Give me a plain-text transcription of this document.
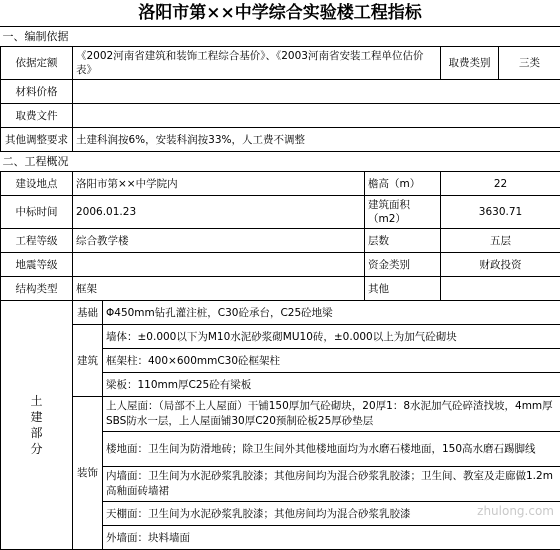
洛阳市第××中学综合实验楼工程指标
一、编制依据					
依据定额	《2002河南省建筑和装饰工程综合基价》、《2003河南省安装工程单位估价表》			取费类别	三类
材料价格					
取费文件					
其他调整要求	土建科润按6%，安装科润按33%，人工费不调整				
二、工程概况					
建设地点	洛阳市第××中学院内		檐高（m）	22	
中标时间	2006.01.23		建筑面积（m2）	3630.71	
工程等级	综合教学楼		层数	五层	
地震等级			资金类别	财政投资	
结构类型	框架		其他		

土
建
部
分	基础	Φ450mm钻孔灌注桩，C30砼承台，C25砼地梁			
	建筑	墙体：±0.000以下为M10水泥砂浆砌MU10砖，±0.000以上为加气砼砌块			
		框架柱：400×600mmC30砼框架柱			
		梁板：110mm厚C25砼有梁板			
	装饰	上人屋面：（局部不上人屋面）干铺150厚加气砼砌块，20厚1：8水泥加气砼碎渣找坡，4mm厚SBS防水一层，上人屋面铺30厚C20预制砼板25厚砂垫层			
		楼地面：卫生间为防滑地砖；除卫生间外其他楼地面均为水磨石楼地面，150高水磨石踢脚线			
		内墙面：卫生间为水泥砂浆乳胶漆；其他房间均为混合砂浆乳胶漆；卫生间、教室及走廊做1.2m高釉面砖墙裙			
		天棚面：卫生间为水泥砂浆乳胶漆；其他房间均为混合砂浆乳胶漆			
		外墙面：块料墙面			
zhulong.com
